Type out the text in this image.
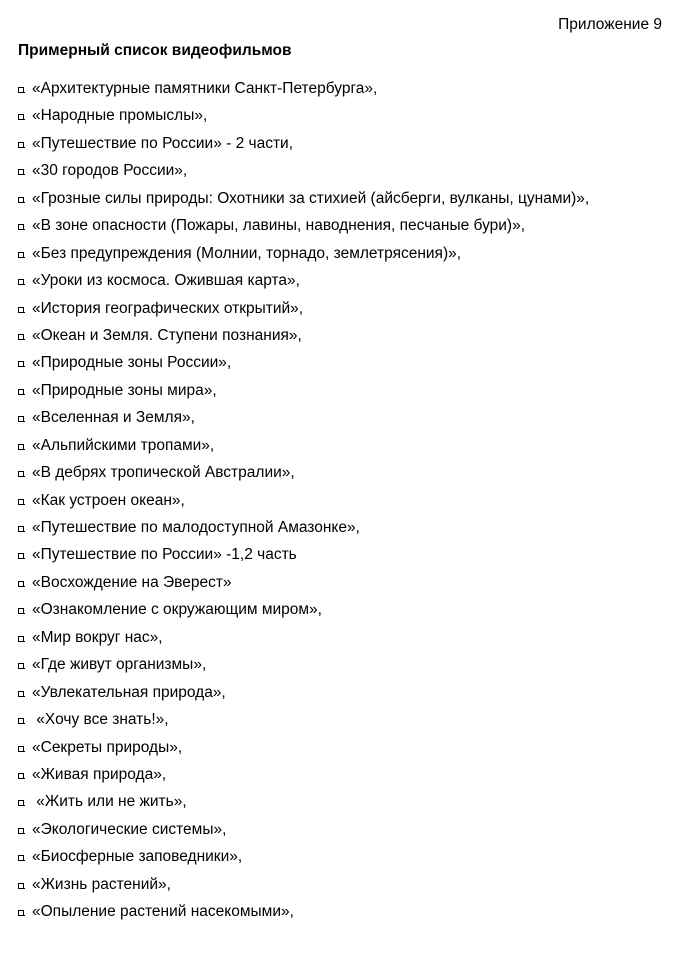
Приложение 9
Примерный список видеофильмов
«Архитектурные памятники Санкт-Петербурга»,
«Народные промыслы»,
«Путешествие по России» - 2 части,
«30 городов России»,
«Грозные силы природы: Охотники за стихией (айсберги, вулканы, цунами)»,
«В зоне опасности (Пожары, лавины, наводнения, песчаные бури)»,
«Без предупреждения (Молнии, торнадо, землетрясения)»,
«Уроки из космоса. Ожившая карта»,
«История географических открытий»,
«Океан и Земля. Ступени познания»,
«Природные зоны России»,
«Природные зоны мира»,
«Вселенная и Земля»,
«Альпийскими тропами»,
«В дебрях тропической Австралии»,
«Как устроен океан»,
«Путешествие по малодоступной Амазонке»,
«Путешествие по России» -1,2 часть
«Восхождение на Эверест»
«Ознакомление с окружающим миром»,
«Мир вокруг нас»,
«Где живут организмы»,
«Увлекательная природа»,
«Хочу все знать!»,
«Секреты природы»,
«Живая природа»,
«Жить или не жить»,
«Экологические системы»,
«Биосферные заповедники»,
«Жизнь растений»,
«Опыление растений насекомыми»,
